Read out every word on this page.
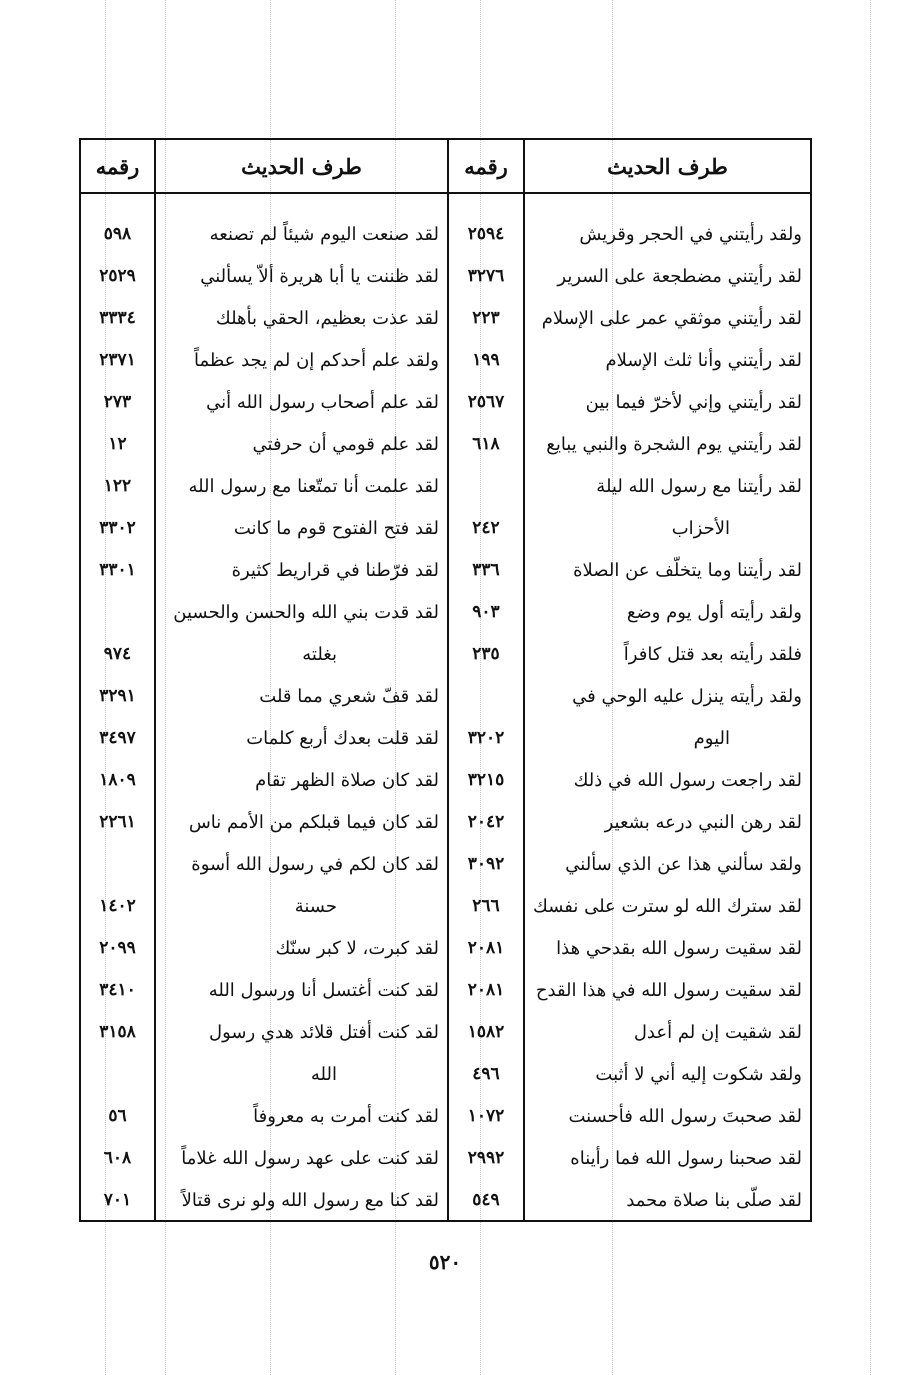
طرف الحديث
رقمه
طرف الحديث
رقمه
ولقد رأيتني في الحجر وقريش
٢٥٩٤
لقد رأيتني مضطجعة على السرير
٣٢٧٦
لقد رأيتني موثقي عمر على الإسلام
٢٢٣
لقد رأيتني وأنا ثلث الإسلام
١٩٩
لقد رأيتني وإني لأخرّ فيما بين
٢٥٦٧
لقد رأيتني يوم الشجرة والنبي يبايع
٦١٨
لقد رأيتنا مع رسول الله ليلة
الأحزاب
٢٤٢
لقد رأيتنا وما يتخلّف عن الصلاة
٣٣٦
ولقد رأيته أول يوم وضع
٩٠٣
فلقد رأيته بعد قتل كافراً
٢٣٥
ولقد رأيته ينزل عليه الوحي في
اليوم
٣٢٠٢
لقد راجعت رسول الله في ذلك
٣٢١٥
لقد رهن النبي درعه بشعير
٢٠٤٢
ولقد سألني هذا عن الذي سألني
٣٠٩٢
لقد سترك الله لو سترت على نفسك
٢٦٦
لقد سقيت رسول الله بقدحي هذا
٢٠٨١
لقد سقيت رسول الله في هذا القدح
٢٠٨١
لقد شقيت إن لم أعدل
١٥٨٢
ولقد شكوت إليه أني لا أثبت
٤٩٦
لقد صحبتَ رسول الله فأحسنت
١٠٧٢
لقد صحبنا رسول الله فما رأيناه
٢٩٩٢
لقد صلّى بنا صلاة محمد
٥٤٩
لقد صنعت اليوم شيئاً لم تصنعه
٥٩٨
لقد ظننت يا أبا هريرة ألاّ يسألني
٢٥٢٩
لقد عذت بعظيم، الحقي بأهلك
٣٣٣٤
ولقد علم أحدكم إن لم يجد عظماً
٢٣٧١
لقد علم أصحاب رسول الله أني
٢٧٣
لقد علم قومي أن حرفتي
١٢
لقد علمت أنا تمتّعنا مع رسول الله
١٢٢
لقد فتح الفتوح قوم ما كانت
٣٣٠٢
لقد فرّطنا في قراريط كثيرة
٣٣٠١
لقد قدت بني الله والحسن والحسين
بغلته
٩٧٤
لقد قفّ شعري مما قلت
٣٢٩١
لقد قلت بعدك أربع كلمات
٣٤٩٧
لقد كان صلاة الظهر تقام
١٨٠٩
لقد كان فيما قبلكم من الأمم ناس
٢٢٦١
لقد كان لكم في رسول الله أسوة
حسنة
١٤٠٢
لقد كبرت، لا كبر سنّك
٢٠٩٩
لقد كنت أغتسل أنا ورسول الله
٣٤١٠
لقد كنت أفتل قلائد هدي رسول
٣١٥٨
الله
لقد كنت أمرت به معروفاً
٥٦
لقد كنت على عهد رسول الله غلاماً
٦٠٨
لقد كنا مع رسول الله ولو نرى قتالاً
٧٠١
٥٢٠
